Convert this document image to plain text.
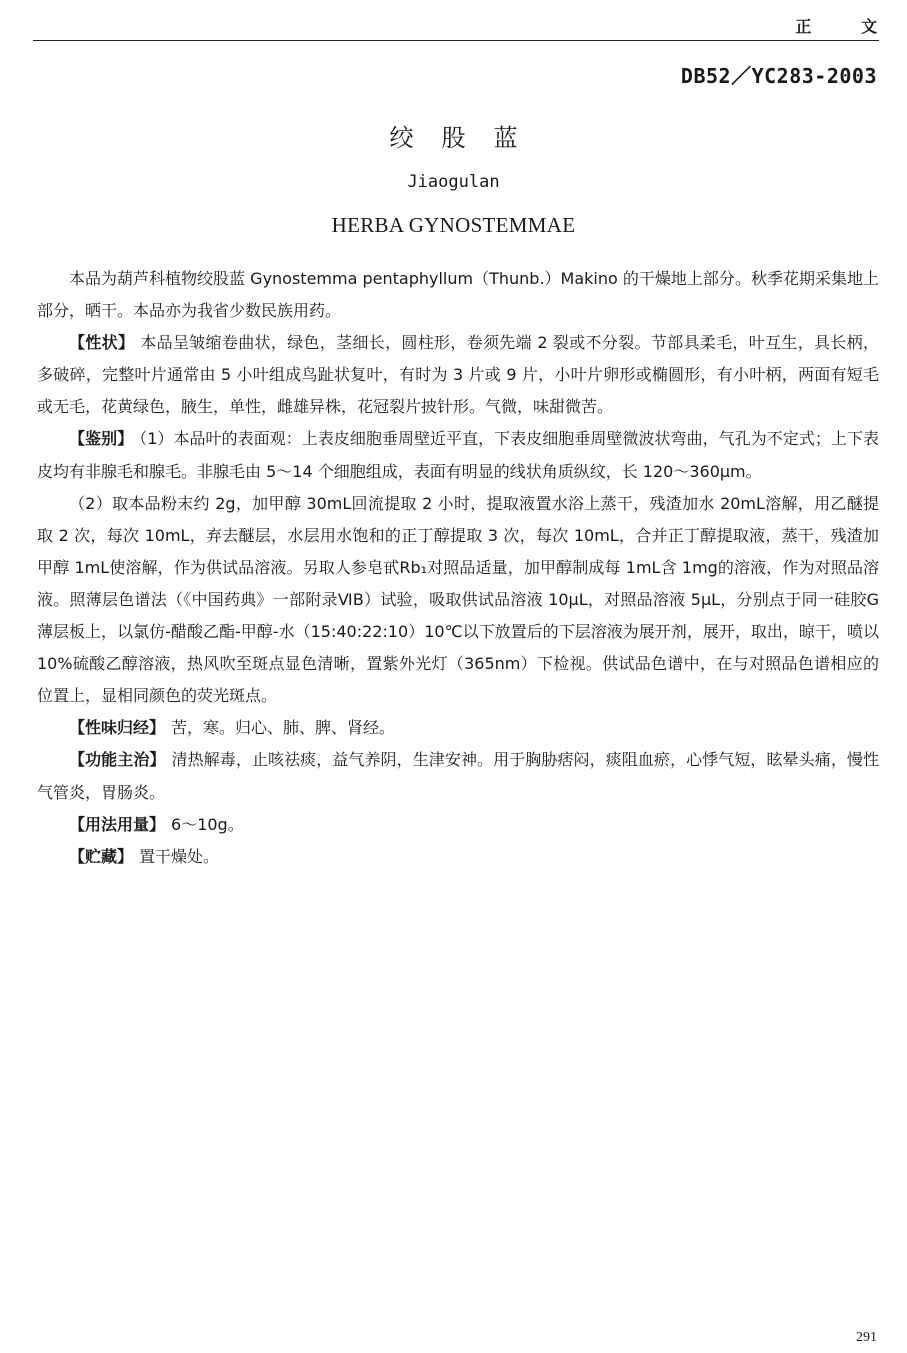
正 文
DB52／YC283-2003
绞股蓝
Jiaogulan
HERBA GYNOSTEMMAE

本品为葫芦科植物绞股蓝 Gynostemma pentaphyllum（Thunb.）Makino 的干燥地上部分。秋季花期采集地上部分，晒干。本品亦为我省少数民族用药。

【性状】 本品呈皱缩卷曲状，绿色，茎细长，圆柱形，卷须先端 2 裂或不分裂。节部具柔毛，叶互生，具长柄，多破碎，完整叶片通常由 5 小叶组成鸟趾状复叶，有时为 3 片或 9 片，小叶片卵形或椭圆形，有小叶柄，两面有短毛或无毛，花黄绿色，腋生，单性，雌雄异株，花冠裂片披针形。气微，味甜微苦。

【鉴别】 （1）本品叶的表面观：上表皮细胞垂周壁近平直，下表皮细胞垂周壁微波状弯曲，气孔为不定式；上下表皮均有非腺毛和腺毛。非腺毛由 5～14 个细胞组成，表面有明显的线状角质纵纹，长 120～360μm。

（2）取本品粉末约 2g，加甲醇 30mL回流提取 2 小时，提取液置水浴上蒸干，残渣加水 20mL溶解，用乙醚提取 2 次，每次 10mL，弃去醚层，水层用水饱和的正丁醇提取 3 次，每次 10mL，合并正丁醇提取液，蒸干，残渣加甲醇 1mL使溶解，作为供试品溶液。另取人参皂甙Rb₁对照品适量，加甲醇制成每 1mL含 1mg的溶液，作为对照品溶液。照薄层色谱法（《中国药典》一部附录ⅥB）试验，吸取供试品溶液 10μL，对照品溶液 5μL，分别点于同一硅胶G薄层板上，以氯仿-醋酸乙酯-甲醇-水（15:40:22:10）10℃以下放置后的下层溶液为展开剂，展开，取出，晾干，喷以 10%硫酸乙醇溶液，热风吹至斑点显色清晰，置紫外光灯（365nm）下检视。供试品色谱中，在与对照品色谱相应的位置上，显相同颜色的荧光斑点。

【性味归经】 苦，寒。归心、肺、脾、肾经。

【功能主治】 清热解毒，止咳祛痰，益气养阴，生津安神。用于胸胁痞闷，痰阻血瘀，心悸气短，眩晕头痛，慢性气管炎，胃肠炎。

【用法用量】 6～10g。

【贮藏】 置干燥处。

291
